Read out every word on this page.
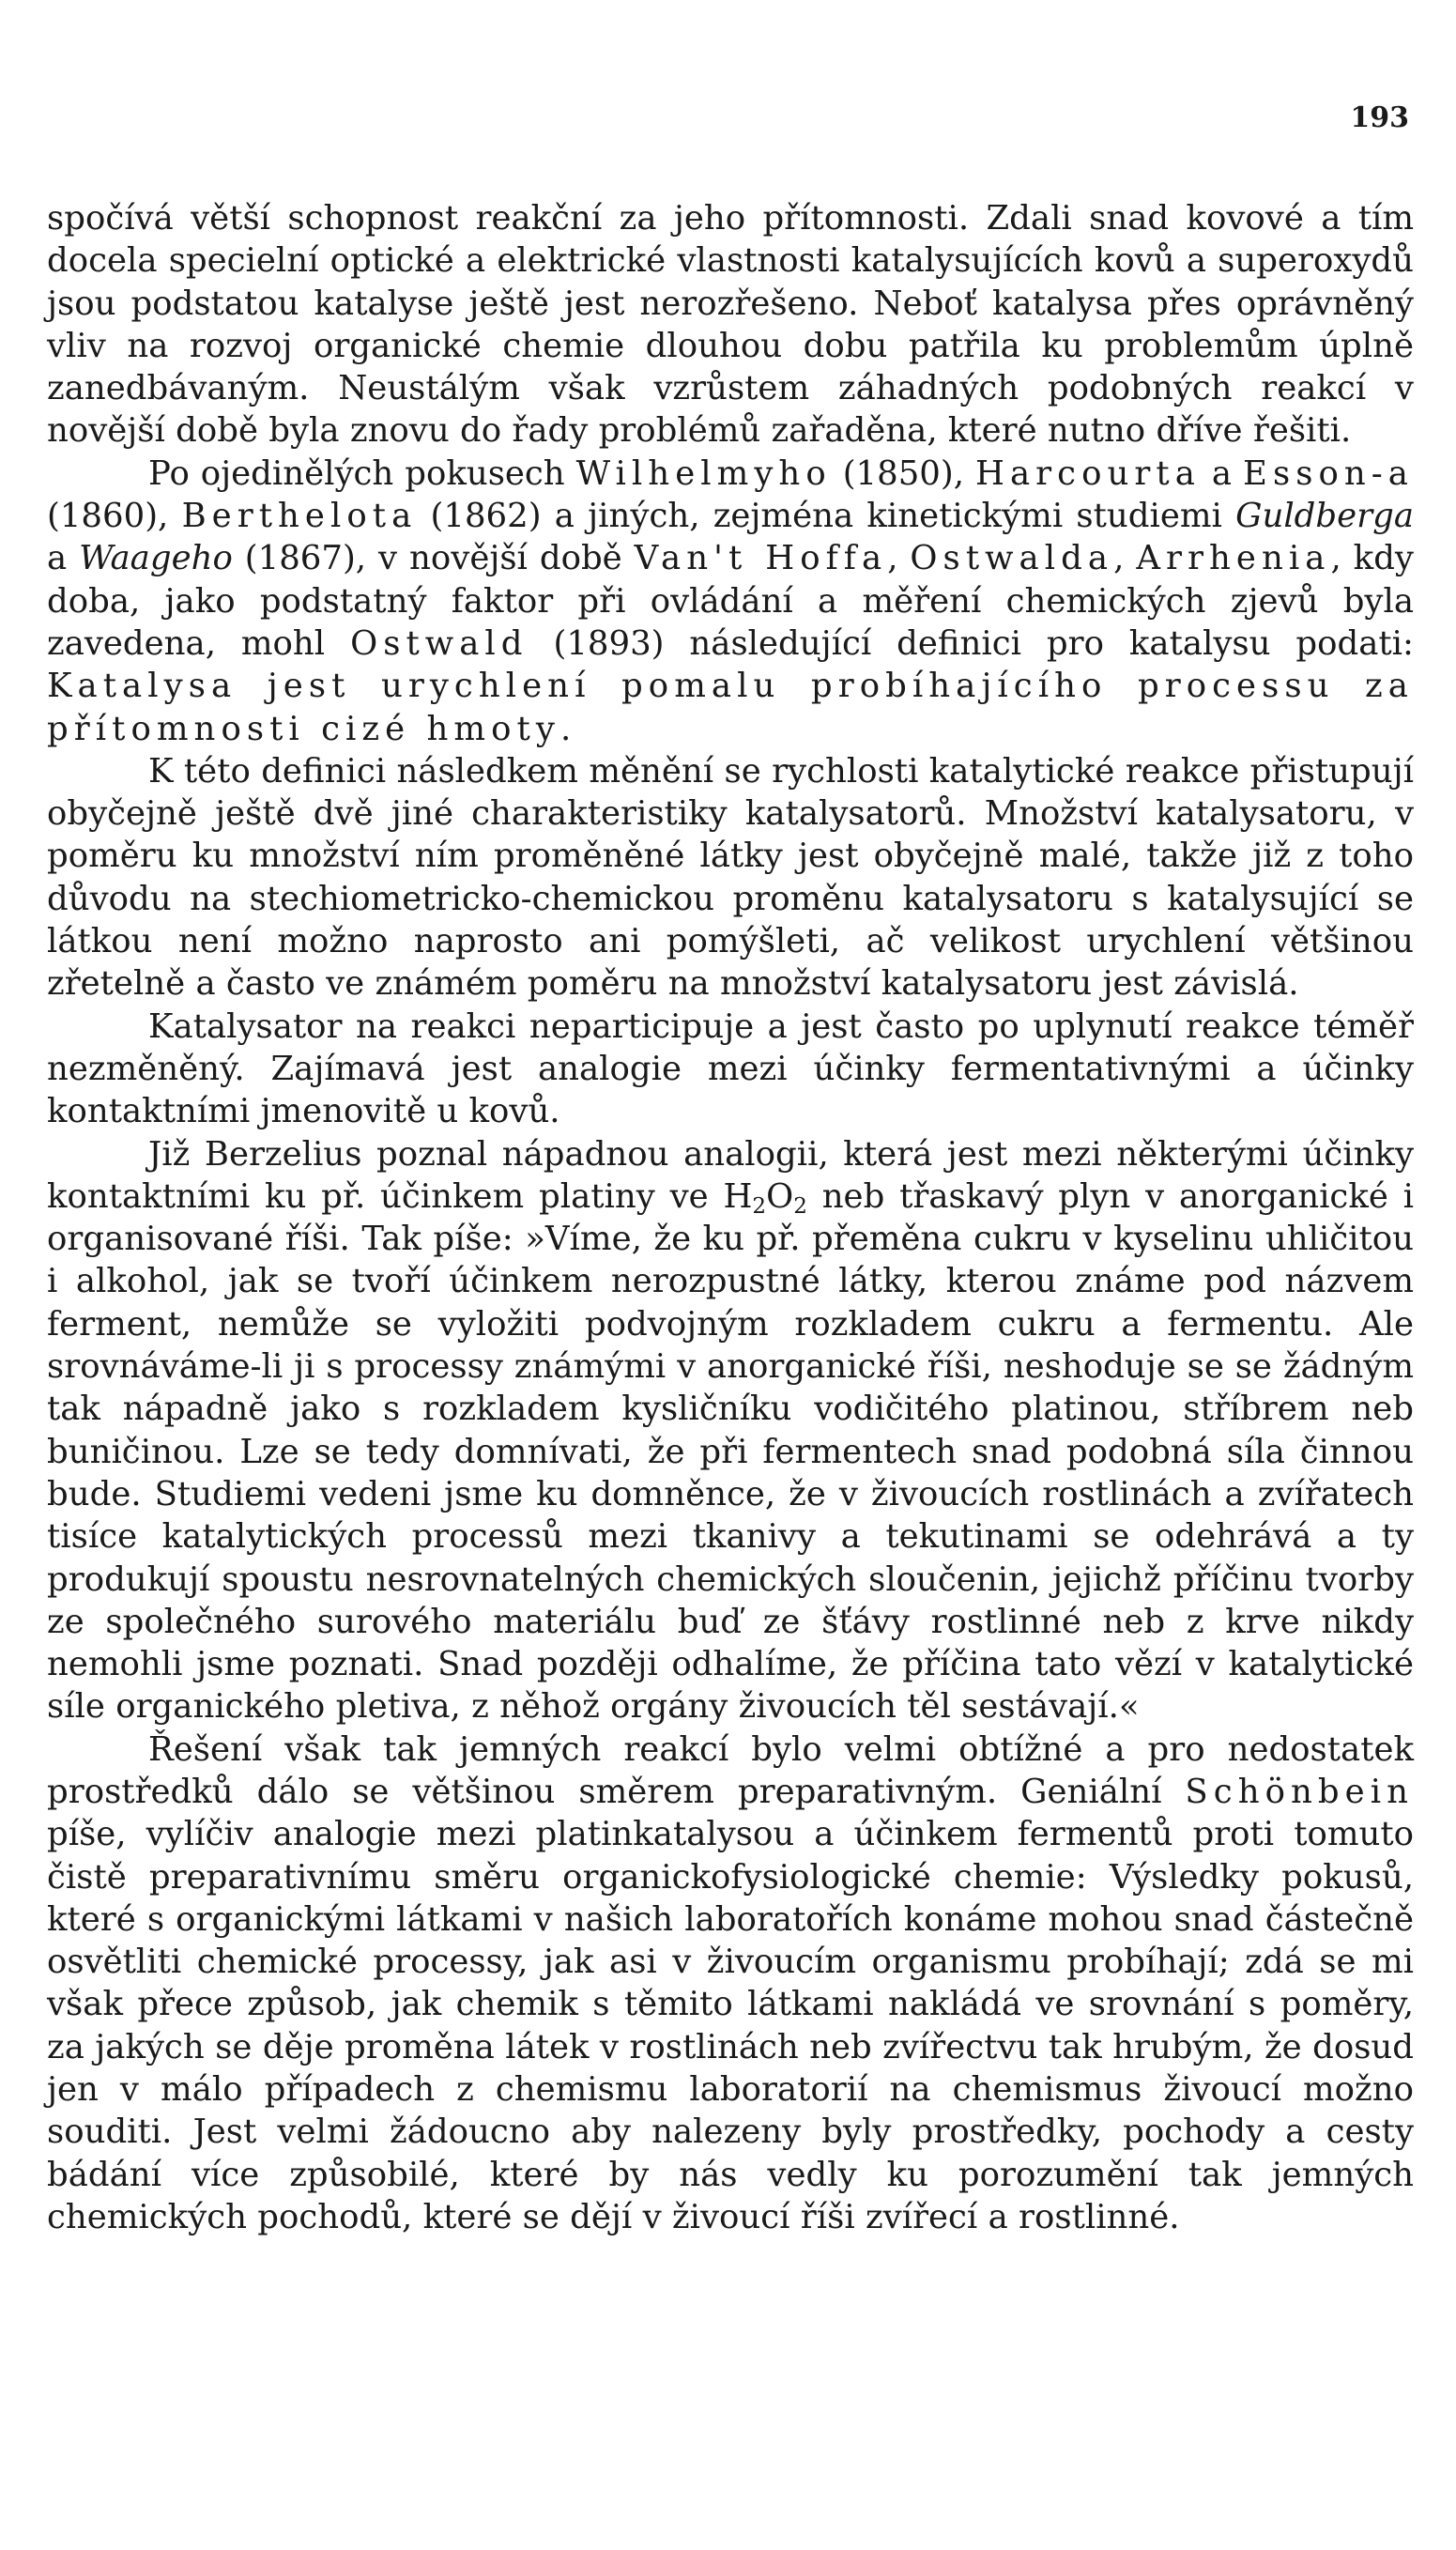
193

spočívá větší schopnost reakční za jeho přítomnosti. Zdali snad kovové a tím docela specielní optické a elektrické vlastnosti katalysujících kovů a superoxydů jsou podstatou katalyse ještě jest nerozřešeno. Neboť katalysa přes oprávněný vliv na rozvoj organické chemie dlouhou dobu patřila ku problemům úplně zanedbávaným. Neustálým však vzrůstem záhadných podobných reakcí v novější době byla znovu do řady problémů zařaděna, které nutno dříve řešiti.

Po ojedinělých pokusech Wilhelmyho (1850), Harcourta a Esson-a (1860), Berthelota (1862) a jiných, zejména kinetickými studiemi Guldberga a Waageho (1867), v novější době Van't Hoffa, Ostwalda, Arrhenia, kdy doba, jako podstatný faktor při ovládání a měření chemických zjevů byla zavedena, mohl Ostwald (1893) následující definici pro katalysu podati: Katalysa jest urychlení pomalu probíhajícího processu za přítomnosti cizé hmoty.

K této definici následkem měnění se rychlosti katalytické reakce přistupují obyčejně ještě dvě jiné charakteristiky katalysatorů. Množství katalysatoru, v poměru ku množství ním proměněné látky jest obyčejně malé, takže již z toho důvodu na stechiometricko-chemickou proměnu katalysatoru s katalysující se látkou není možno naprosto ani pomýšleti, ač velikost urychlení většinou zřetelně a často ve známém poměru na množství katalysatoru jest závislá.

Katalysator na reakci neparticipuje a jest často po uplynutí reakce téměř nezměněný. Zajímavá jest analogie mezi účinky fermentativnými a účinky kontaktními jmenovitě u kovů.

Již Berzelius poznal nápadnou analogii, která jest mezi některými účinky kontaktními ku př. účinkem platiny ve $H_2O_2$ neb třaskavý plyn v anorganické i organisované říši. Tak píše: »Víme, že ku př. přeměna cukru v kyselinu uhličitou i alkohol, jak se tvoří účinkem nerozpustné látky, kterou známe pod názvem ferment, nemůže se vyložiti podvojným rozkladem cukru a fermentu. Ale srovnáváme-li ji s processy známými v anorganické říši, neshoduje se se žádným tak nápadně jako s rozkladem kysličníku vodičitého platinou, stříbrem neb buničinou. Lze se tedy domnívati, že při fermentech snad podobná síla činnou bude. Studiemi vedeni jsme ku domněnce, že v živoucích rostlinách a zvířatech tisíce katalytických processů mezi tkanivy a tekutinami se odehrává a ty produkují spoustu nesrovnatelných chemických sloučenin, jejichž příčinu tvorby ze společného surového materiálu buď ze šťávy rostlinné neb z krve nikdy nemohli jsme poznati. Snad později odhalíme, že příčina tato vězí v katalytické síle organického pletiva, z něhož orgány živoucích těl sestávají.«

Řešení však tak jemných reakcí bylo velmi obtížné a pro nedostatek prostředků dálo se většinou směrem preparativným. Geniální Schönbein píše, vylíčiv analogie mezi platinkatalysou a účinkem fermentů proti tomuto čistě preparativnímu směru organickofysiologické chemie: Výsledky pokusů, které s organickými látkami v našich laboratořích konáme mohou snad částečně osvětliti chemické processy, jak asi v živoucím organismu probíhají; zdá se mi však přece způsob, jak chemik s těmito látkami nakládá ve srovnání s poměry, za jakých se děje proměna látek v rostlinách neb zvířectvu tak hrubým, že dosud jen v málo případech z chemismu laboratorií na chemismus živoucí možno souditi. Jest velmi žádoucno aby nalezeny byly prostředky, pochody a cesty bádání více způsobilé, které by nás vedly ku porozumění tak jemných chemických pochodů, které se dějí v živoucí říši zvířecí a rostlinné.
